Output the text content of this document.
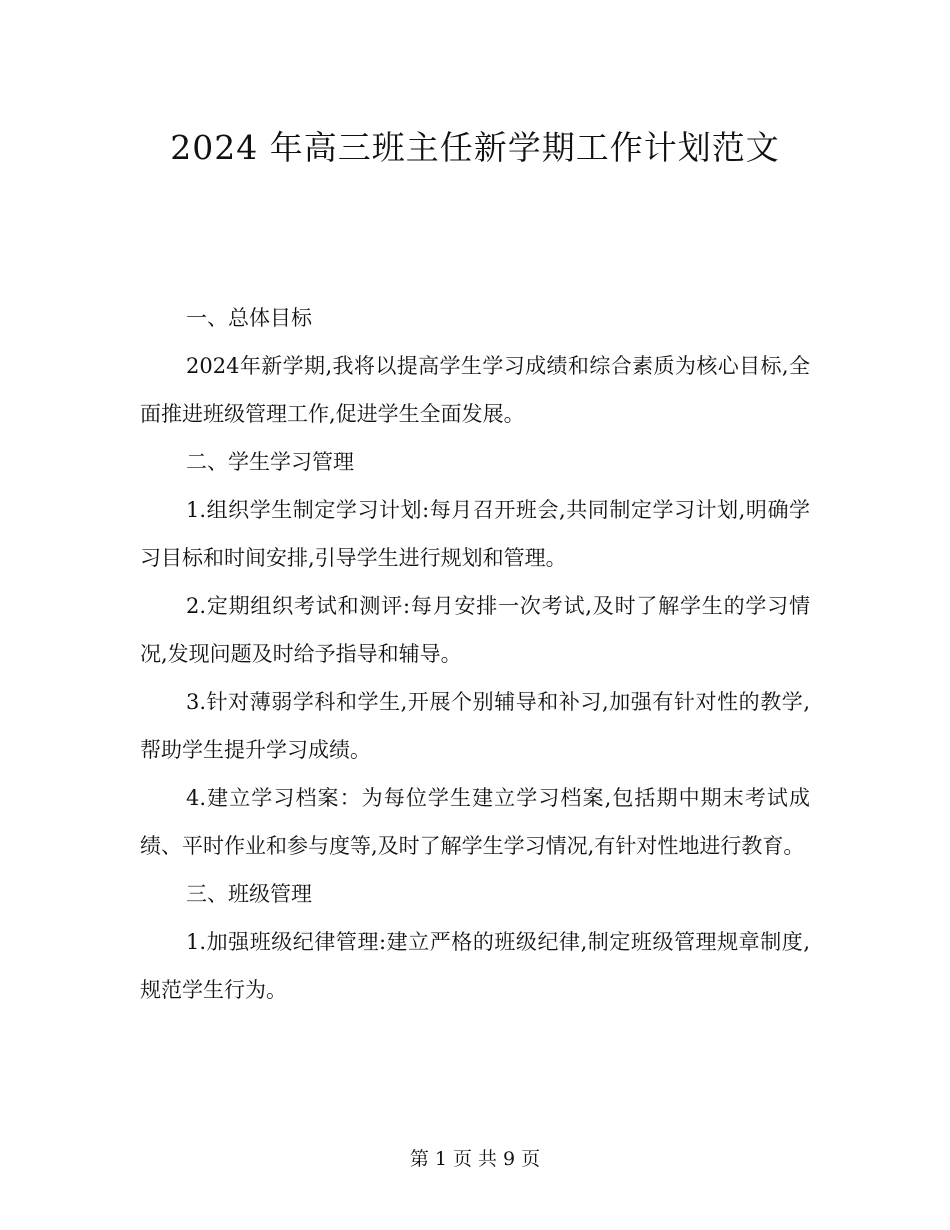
2024 年高三班主任新学期工作计划范文

一、总体目标

2024年新学期,我将以提高学生学习成绩和综合素质为核心目标,全面推进班级管理工作,促进学生全面发展。

二、学生学习管理

1.组织学生制定学习计划:每月召开班会,共同制定学习计划,明确学习目标和时间安排,引导学生进行规划和管理。

2.定期组织考试和测评:每月安排一次考试,及时了解学生的学习情况,发现问题及时给予指导和辅导。

3.针对薄弱学科和学生,开展个别辅导和补习,加强有针对性的教学,帮助学生提升学习成绩。

4.建立学习档案：为每位学生建立学习档案,包括期中期末考试成绩、平时作业和参与度等,及时了解学生学习情况,有针对性地进行教育。

三、班级管理

1.加强班级纪律管理:建立严格的班级纪律,制定班级管理规章制度,规范学生行为。

第 1 页 共 9 页
